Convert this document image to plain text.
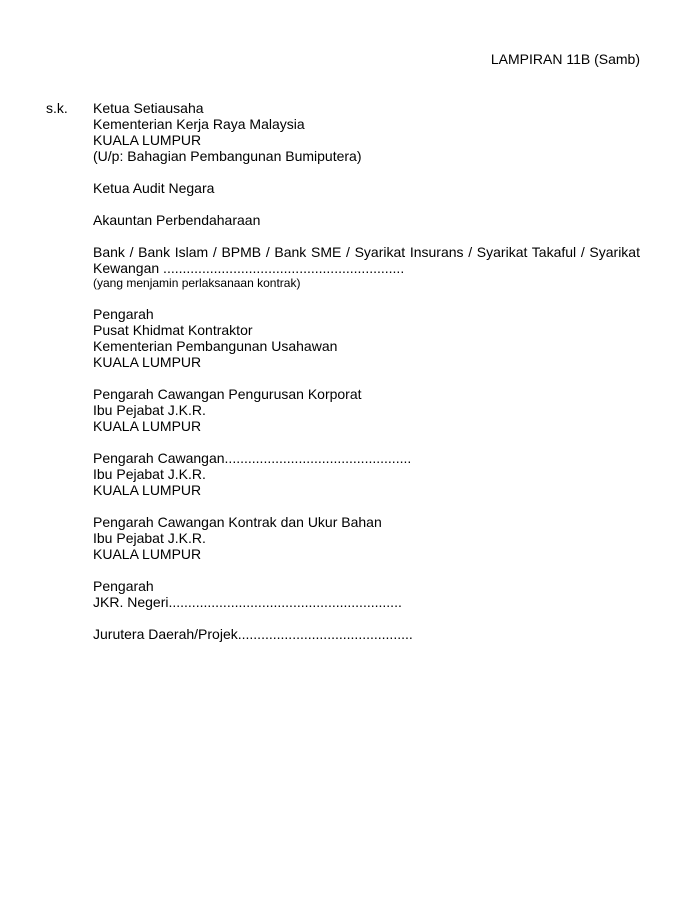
LAMPIRAN 11B (Samb)
s.k. Ketua Setiausaha
Kementerian Kerja Raya Malaysia
KUALA LUMPUR
(U/p: Bahagian Pembangunan Bumiputera)
Ketua Audit Negara
Akauntan Perbendaharaan
Bank / Bank Islam / BPMB / Bank SME / Syarikat Insurans / Syarikat Takaful / Syarikat
Kewangan ..............................................................
(yang menjamin perlaksanaan kontrak)
Pengarah
Pusat Khidmat Kontraktor
Kementerian Pembangunan Usahawan
KUALA LUMPUR
Pengarah Cawangan Pengurusan Korporat
Ibu Pejabat J.K.R.
KUALA LUMPUR
Pengarah Cawangan................................................
Ibu Pejabat J.K.R.
KUALA LUMPUR
Pengarah Cawangan Kontrak dan Ukur Bahan
Ibu Pejabat J.K.R.
KUALA LUMPUR
Pengarah
JKR. Negeri............................................................
Jurutera Daerah/Projek.............................................
